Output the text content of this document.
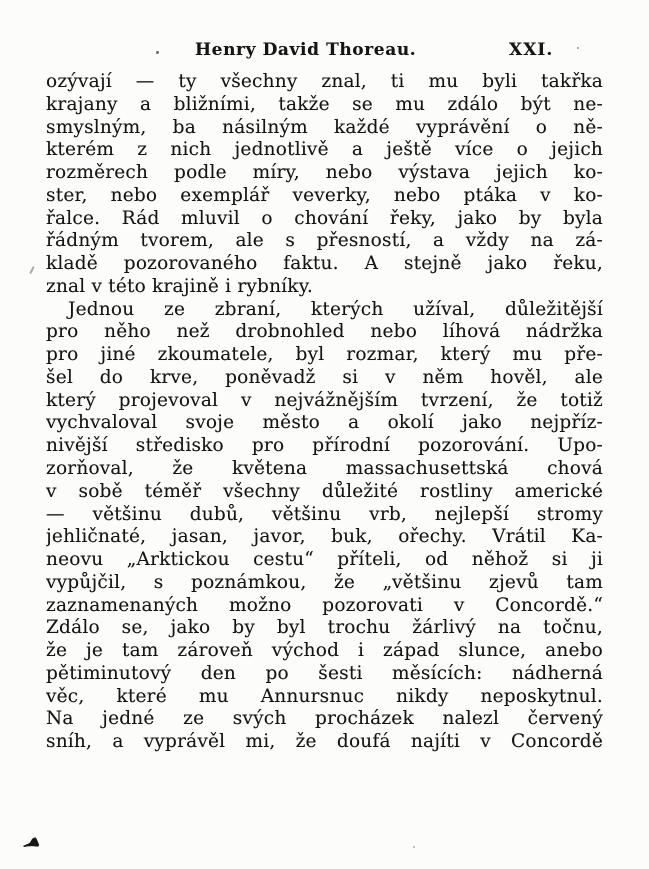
Henry David Thoreau.	XXI.
ozývají — ty všechny znal, ti mu byli takřka
krajany a bližními, takže se mu zdálo být ne-
smyslným, ba násilným každé vyprávění o ně-
kterém z nich jednotlivě a ještě více o jejich
rozměrech podle míry, nebo výstava jejich ko-
ster, nebo exemplář veverky, nebo ptáka v ko-
řalce. Rád mluvil o chování řeky, jako by byla
řádným tvorem, ale s přesností, a vždy na zá-
kladě pozorovaného faktu. A stejně jako řeku,
znal v této krajině i rybníky.
Jednou ze zbraní, kterých užíval, důležitější
pro něho než drobnohled nebo líhová nádržka
pro jiné zkoumatele, byl rozmar, který mu pře-
šel do krve, poněvadž si v něm hověl, ale
který projevoval v nejvážnějším tvrzení, že totiž
vychvaloval svoje město a okolí jako nejpříz-
nivější středisko pro přírodní pozorování. Upo-
zorňoval, že květena massachusettská chová
v sobě téměř všechny důležité rostliny americké
— většinu dubů, většinu vrb, nejlepší stromy
jehličnaté, jasan, javor, buk, ořechy. Vrátil Ka-
neovu „Arktickou cestu“ příteli, od něhož si ji
vypůjčil, s poznámkou, že „většinu zjevů tam
zaznamenaných možno pozorovati v Concordě.“
Zdálo se, jako by byl trochu žárlivý na točnu,
že je tam zároveň východ i západ slunce, anebo
pětiminutový den po šesti měsících: nádherná
věc, které mu Annursnuc nikdy neposkytnul.
Na jedné ze svých procházek nalezl červený
sníh, a vyprávěl mi, že doufá najíti v Concordě
